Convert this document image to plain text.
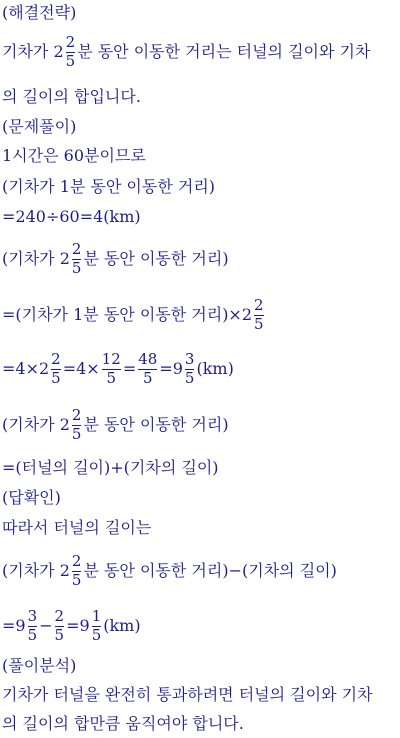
(해결전략)
기차가 2
2
5 분 동안 이동한 거리는 터널의 길이와 기차
의 길이의 합입니다.
(문제풀이)
1시간은 60분이므로
(기차가 1분 동안 이동한 거리)
=240÷60=4(km)
(기차가 2
2
5 분 동안 이동한 거리)
=(기차가 1분 동안 이동한 거리)×2
2
5
=4×2
2
5 =4×
12
5 =
48
5 =9
3
5 (km)
(기차가 2
2
5 분 동안 이동한 거리)
=(터널의 길이)+(기차의 길이)
(답확인)
따라서 터널의 길이는
(기차가 2
2
5 분 동안 이동한 거리)−(기차의 길이)
=9
3
5 −
2
5 =9
1
5 (km)
(풀이분석)
기차가 터널을 완전히 통과하려면 터널의 길이와 기차
의 길이의 합만큼 움직여야 합니다.
